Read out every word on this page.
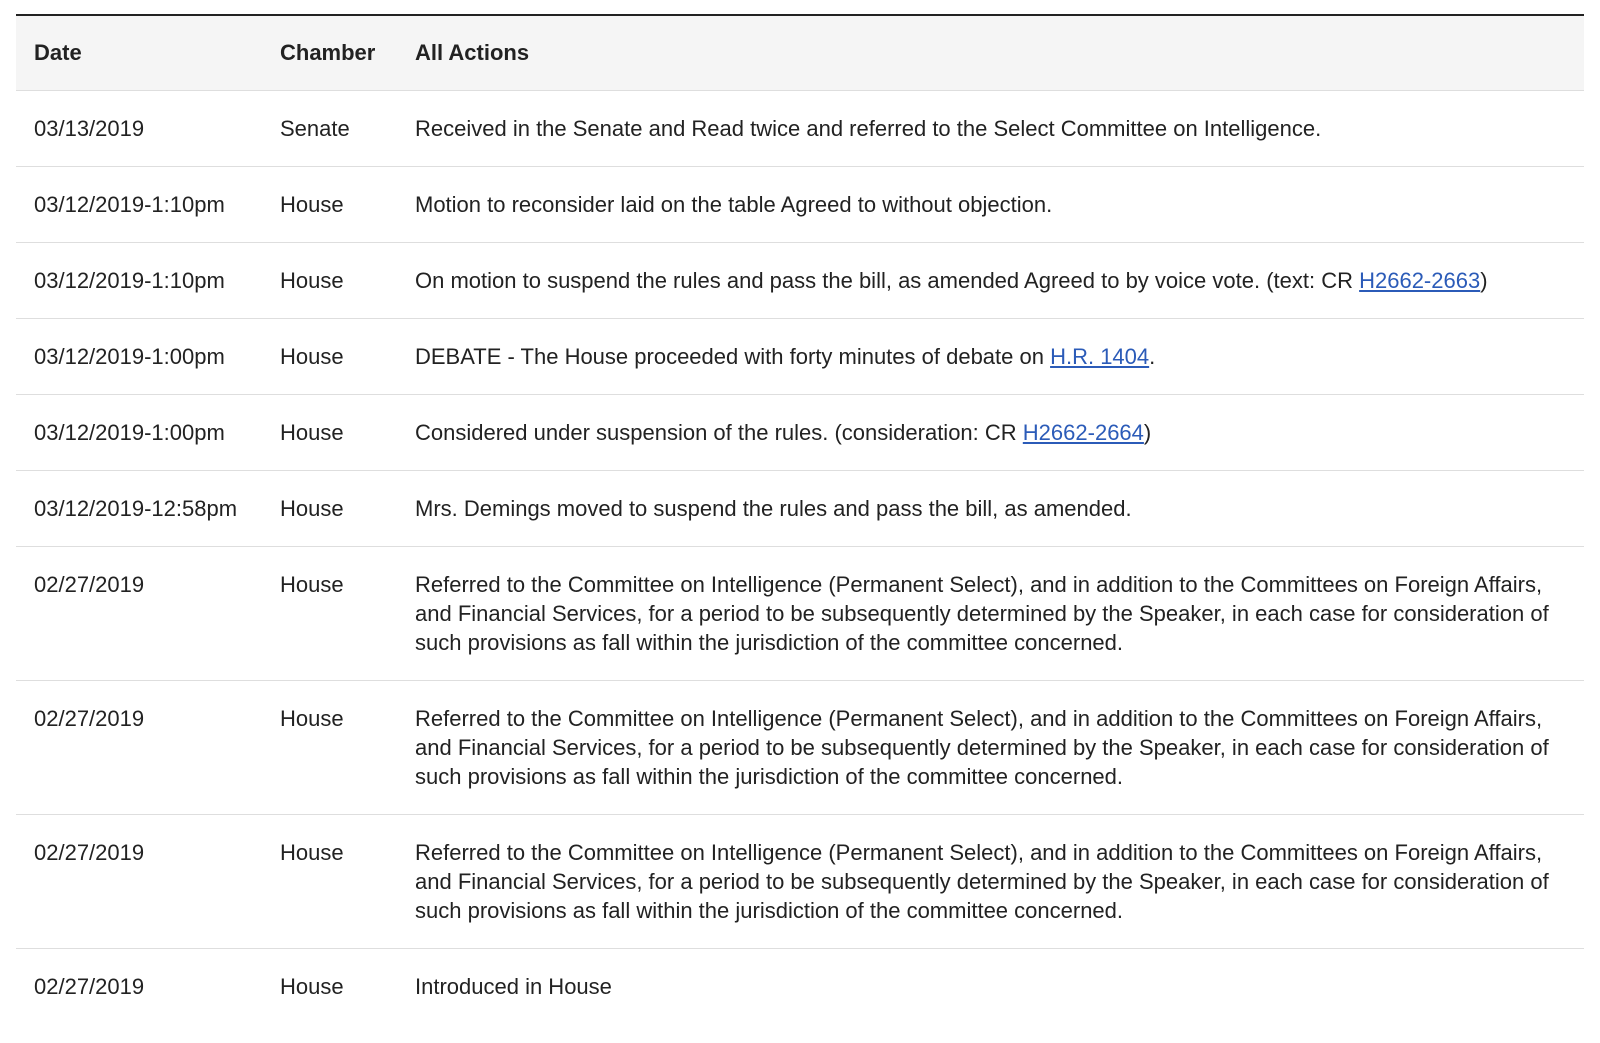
Date	Chamber	All Actions
03/13/2019	Senate	Received in the Senate and Read twice and referred to the Select Committee on Intelligence.
03/12/2019-1:10pm	House	Motion to reconsider laid on the table Agreed to without objection.
03/12/2019-1:10pm	House	On motion to suspend the rules and pass the bill, as amended Agreed to by voice vote. (text: CR H2662-2663)
03/12/2019-1:00pm	House	DEBATE - The House proceeded with forty minutes of debate on H.R. 1404.
03/12/2019-1:00pm	House	Considered under suspension of the rules. (consideration: CR H2662-2664)
03/12/2019-12:58pm	House	Mrs. Demings moved to suspend the rules and pass the bill, as amended.
02/27/2019	House	Referred to the Committee on Intelligence (Permanent Select), and in addition to the Committees on Foreign Affairs, and Financial Services, for a period to be subsequently determined by the Speaker, in each case for consideration of such provisions as fall within the jurisdiction of the committee concerned.
02/27/2019	House	Referred to the Committee on Intelligence (Permanent Select), and in addition to the Committees on Foreign Affairs, and Financial Services, for a period to be subsequently determined by the Speaker, in each case for consideration of such provisions as fall within the jurisdiction of the committee concerned.
02/27/2019	House	Referred to the Committee on Intelligence (Permanent Select), and in addition to the Committees on Foreign Affairs, and Financial Services, for a period to be subsequently determined by the Speaker, in each case for consideration of such provisions as fall within the jurisdiction of the committee concerned.
02/27/2019	House	Introduced in House
